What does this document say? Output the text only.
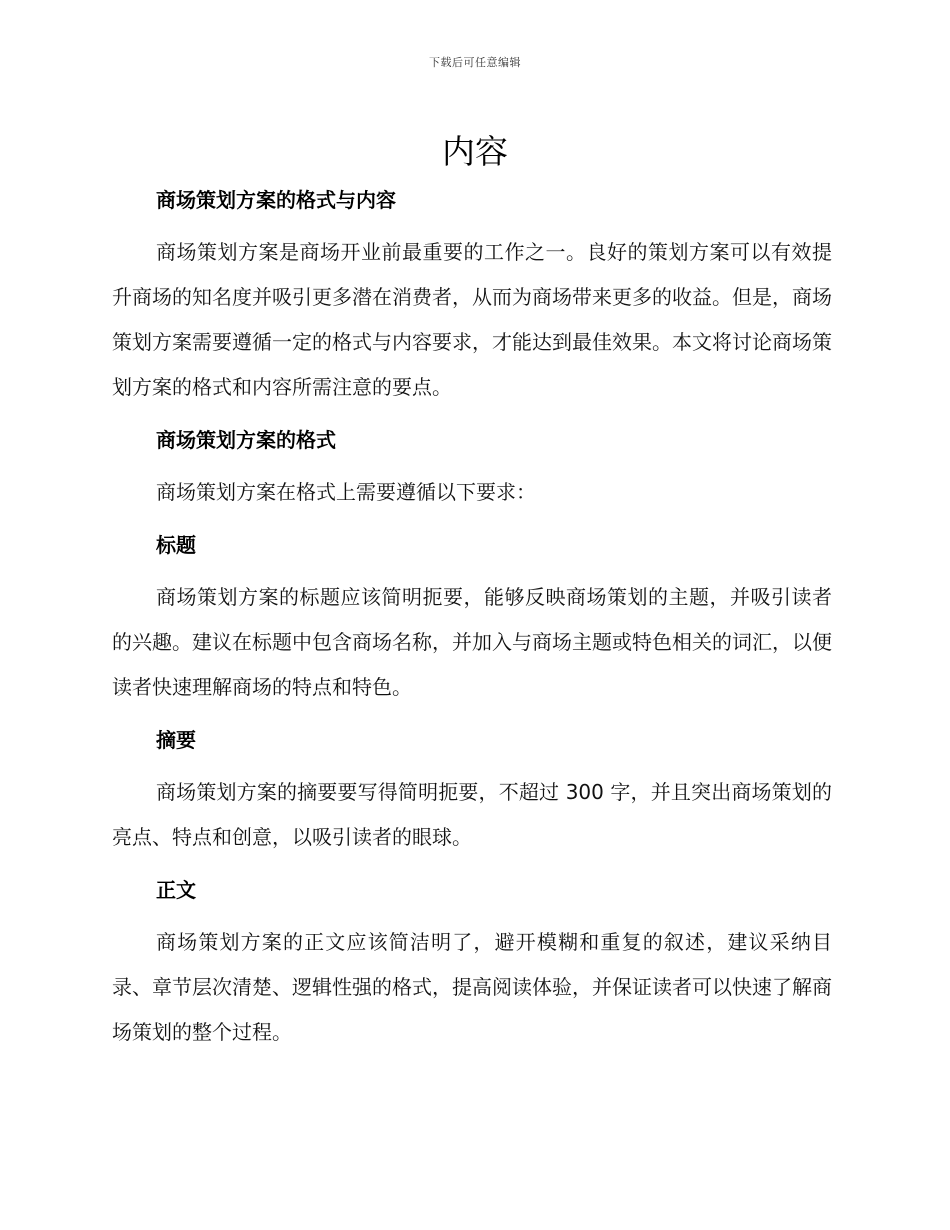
下载后可任意编辑
内容

商场策划方案的格式与内容

商场策划方案是商场开业前最重要的工作之一。良好的策划方案可以有效提升商场的知名度并吸引更多潜在消费者，从而为商场带来更多的收益。但是，商场策划方案需要遵循一定的格式与内容要求，才能达到最佳效果。本文将讨论商场策划方案的格式和内容所需注意的要点。

商场策划方案的格式

商场策划方案在格式上需要遵循以下要求：

标题

商场策划方案的标题应该简明扼要，能够反映商场策划的主题，并吸引读者的兴趣。建议在标题中包含商场名称，并加入与商场主题或特色相关的词汇，以便读者快速理解商场的特点和特色。

摘要

商场策划方案的摘要要写得简明扼要，不超过 300 字，并且突出商场策划的亮点、特点和创意，以吸引读者的眼球。

正文

商场策划方案的正文应该简洁明了，避开模糊和重复的叙述，建议采纳目录、章节层次清楚、逻辑性强的格式，提高阅读体验，并保证读者可以快速了解商场策划的整个过程。
